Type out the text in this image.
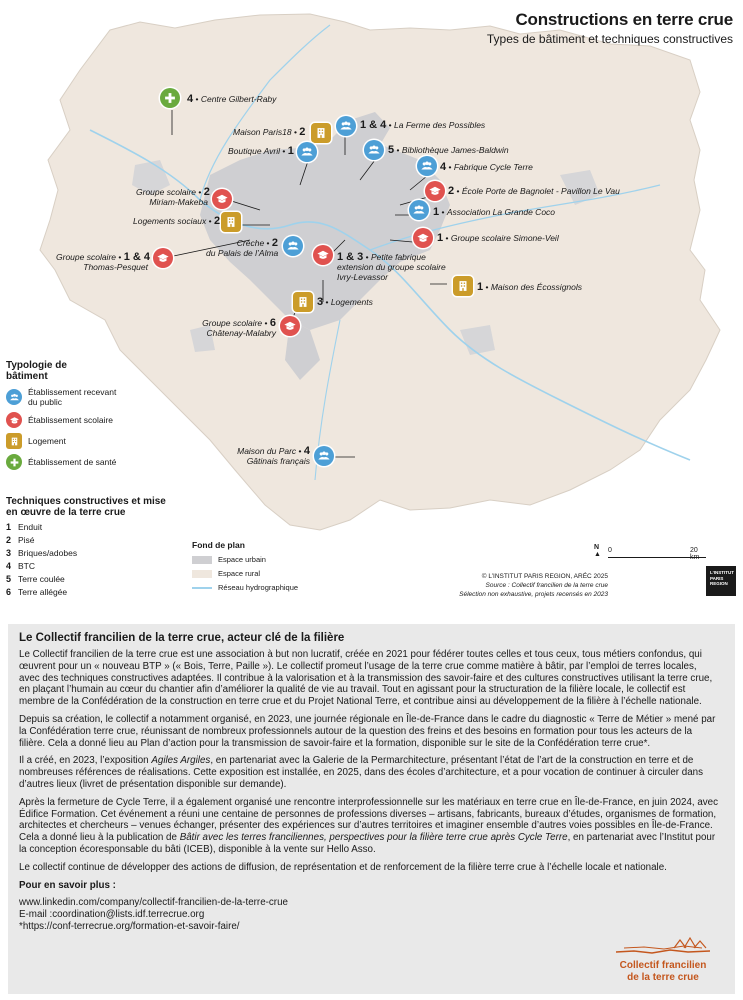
Constructions en terre crue
Types de bâtiment et techniques constructives
4 • Centre Gilbert-Raby
1 & 4 • La Ferme des Possibles
Maison Paris18 • 2
Boutique Avril • 1	5 • Bibliothèque James-Baldwin
4 • Fabrique Cycle Terre
Groupe scolaire • 2
Miriam-Makeba
2 • École Porte de Bagnolet - Pavillon Le Vau
1 • Association La Grande Coco
Logements sociaux • 2
1 • Groupe scolaire Simone-Veil
Crèche • 2
du Palais de l’Alma
Groupe scolaire • 1 & 4
Thomas-Pesquet
1 & 3 • Petite fabrique
extension du groupe scolaire
Ivry-Levassor
1 • Maison des Écossignols
3 • Logements
Groupe scolaire • 6
Châtenay-Malabry
Maison du Parc • 4
Gâtinais français
Typologie de bâtiment
Établissement recevant du public
Établissement scolaire
Logement
Établissement de santé
Techniques constructives et mise en œuvre de la terre crue
1 Enduit
2 Pisé
3 Briques/adobes
4 BTC
5 Terre coulée
6 Terre allégée
Fond de plan
Espace urbain
Espace rural
Réseau hydrographique
N
▲
0	20
© L’INSTITUT PARIS REGION, ARÉC 2025
Source : Collectif francilien de la terre crue
Sélection non exhaustive, projets recensés en 2023
L’INSTITUT
PARIS
REGION
Le Collectif francilien de la terre crue, acteur clé de la filière

Le Collectif francilien de la terre crue est une association à but non lucratif, créée en 2021 pour fédérer toutes celles et tous ceux, tous métiers confondus, qui œuvrent pour un « nouveau BTP » (« Bois, Terre, Paille »). Le collectif promeut l’usage de la terre crue comme matière à bâtir, par l’emploi de terres locales, avec des techniques constructives adaptées. Il contribue à la valorisation et à la transmission des savoir-faire et des cultures constructives utilisant la terre crue, en plaçant l’humain au cœur du chantier afin d’améliorer la qualité de vie au travail. Tout en agissant pour la structuration de la filière locale, le collectif est membre de la Confédération de la construction en terre crue et du Projet National Terre, et contribue ainsi au développement de la filière à l’échelle nationale.

Depuis sa création, le collectif a notamment organisé, en 2023, une journée régionale en Île-de-France dans le cadre du diagnostic « Terre de Métier » mené par la Confédération terre crue, réunissant de nombreux professionnels autour de la question des freins et des besoins en formation pour tous les acteurs de la filière. Cela a donné lieu au Plan d’action pour la transmission de savoir-faire et la formation, disponible sur le site de la Confédération terre crue*.

Il a créé, en 2023, l’exposition Agiles Argiles, en partenariat avec la Galerie de la Permarchitecture, présentant l’état de l’art de la construction en terre et de nombreuses références de réalisations. Cette exposition est installée, en 2025, dans des écoles d’architecture, et a pour vocation de continuer à circuler dans d’autres lieux (livret de présentation disponible sur demande).

Après la fermeture de Cycle Terre, il a également organisé une rencontre interprofessionnelle sur les matériaux en terre crue en Île-de-France, en juin 2024, avec Édifice Formation. Cet événement a réuni une centaine de personnes de professions diverses – artisans, fabricants, bureaux d’études, organismes de formation, architectes et chercheurs – venues échanger, présenter des expériences sur d’autres territoires et imaginer ensemble d’autres voies possibles en Île-de-France. Cela a donné lieu à la publication de Bâtir avec les terres franciliennes, perspectives pour la filière terre crue après Cycle Terre, en partenariat avec l’Institut pour la conception écoresponsable du bâti (ICEB), disponible à la vente sur Hello Asso.

Le collectif continue de développer des actions de diffusion, de représentation et de renforcement de la filière terre crue à l’échelle locale et nationale.

Pour en savoir plus :

www.linkedin.com/company/collectif-francilien-de-la-terre-crue
E-mail :coordination@lists.idf.terrecrue.org
*https://conf-terrecrue.org/formation-et-savoir-faire/
Collectif francilien
de la terre crue
